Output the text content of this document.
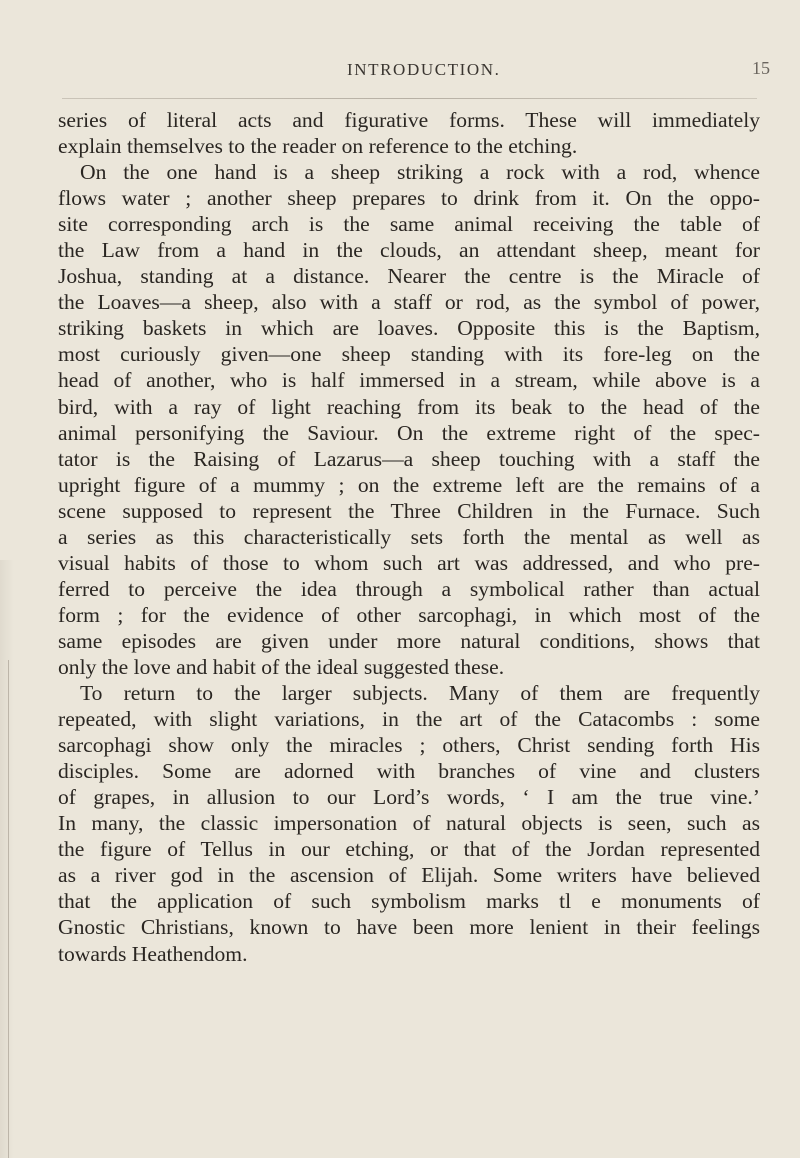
INTRODUCTION.	15

series of literal acts and figurative forms. These will immediately

explain themselves to the reader on reference to the etching.

On the one hand is a sheep striking a rock with a rod, whence

flows water ; another sheep prepares to drink from it. On the oppo-

site corresponding arch is the same animal receiving the table of

the Law from a hand in the clouds, an attendant sheep, meant for

Joshua, standing at a distance. Nearer the centre is the Miracle of

the Loaves—a sheep, also with a staff or rod, as the symbol of power,

striking baskets in which are loaves. Opposite this is the Baptism,

most curiously given—one sheep standing with its fore-leg on the

head of another, who is half immersed in a stream, while above is a

bird, with a ray of light reaching from its beak to the head of the

animal personifying the Saviour. On the extreme right of the spec-

tator is the Raising of Lazarus—a sheep touching with a staff the

upright figure of a mummy ; on the extreme left are the remains of a

scene supposed to represent the Three Children in the Furnace. Such

a series as this characteristically sets forth the mental as well as

visual habits of those to whom such art was addressed, and who pre-

ferred to perceive the idea through a symbolical rather than actual

form ; for the evidence of other sarcophagi, in which most of the

same episodes are given under more natural conditions, shows that

only the love and habit of the ideal suggested these.

To return to the larger subjects. Many of them are frequently

repeated, with slight variations, in the art of the Catacombs : some

sarcophagi show only the miracles ; others, Christ sending forth His

disciples. Some are adorned with branches of vine and clusters

of grapes, in allusion to our Lord’s words, ‘ I am the true vine.’

In many, the classic impersonation of natural objects is seen, such as

the figure of Tellus in our etching, or that of the Jordan represented

as a river god in the ascension of Elijah. Some writers have believed

that the application of such symbolism marks tl e monuments of

Gnostic Christians, known to have been more lenient in their feelings

towards Heathendom.
